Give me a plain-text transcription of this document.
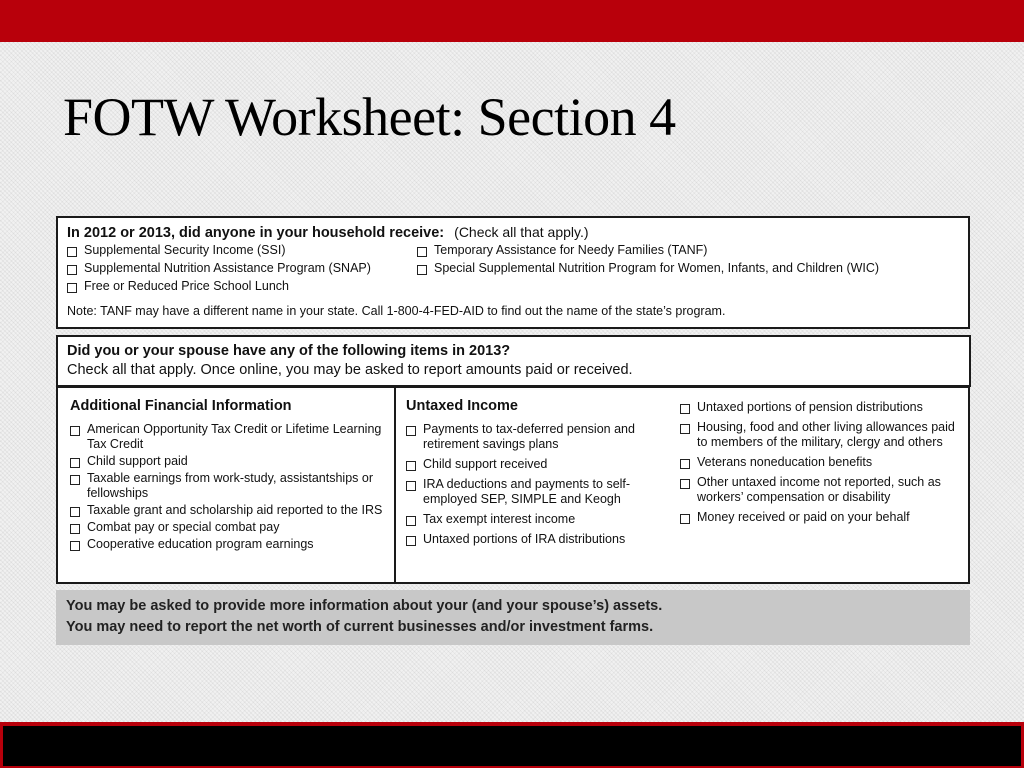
FOTW Worksheet: Section 4
In 2012 or 2013, did anyone in your household receive: (Check all that apply.)
Supplemental Security Income (SSI)
Supplemental Nutrition Assistance Program (SNAP)
Free or Reduced Price School Lunch
Temporary Assistance for Needy Families (TANF)
Special Supplemental Nutrition Program for Women, Infants, and Children (WIC)
Note: TANF may have a different name in your state. Call 1-800-4-FED-AID to find out the name of the state’s program.
Did you or your spouse have any of the following items in 2013?
Check all that apply. Once online, you may be asked to report amounts paid or received.
Additional Financial Information
American Opportunity Tax Credit or Lifetime Learning Tax Credit
Child support paid
Taxable earnings from work-study, assistantships or fellowships
Taxable grant and scholarship aid reported to the IRS
Combat pay or special combat pay
Cooperative education program earnings
Untaxed Income
Payments to tax-deferred pension and retirement savings plans
Child support received
IRA deductions and payments to self-employed SEP, SIMPLE and Keogh
Tax exempt interest income
Untaxed portions of IRA distributions
Untaxed portions of pension distributions
Housing, food and other living allowances paid to members of the military, clergy and others
Veterans noneducation benefits
Other untaxed income not reported, such as workers’ compensation or disability
Money received or paid on your behalf
You may be asked to provide more information about your (and your spouse’s) assets.
You may need to report the net worth of current businesses and/or investment farms.
